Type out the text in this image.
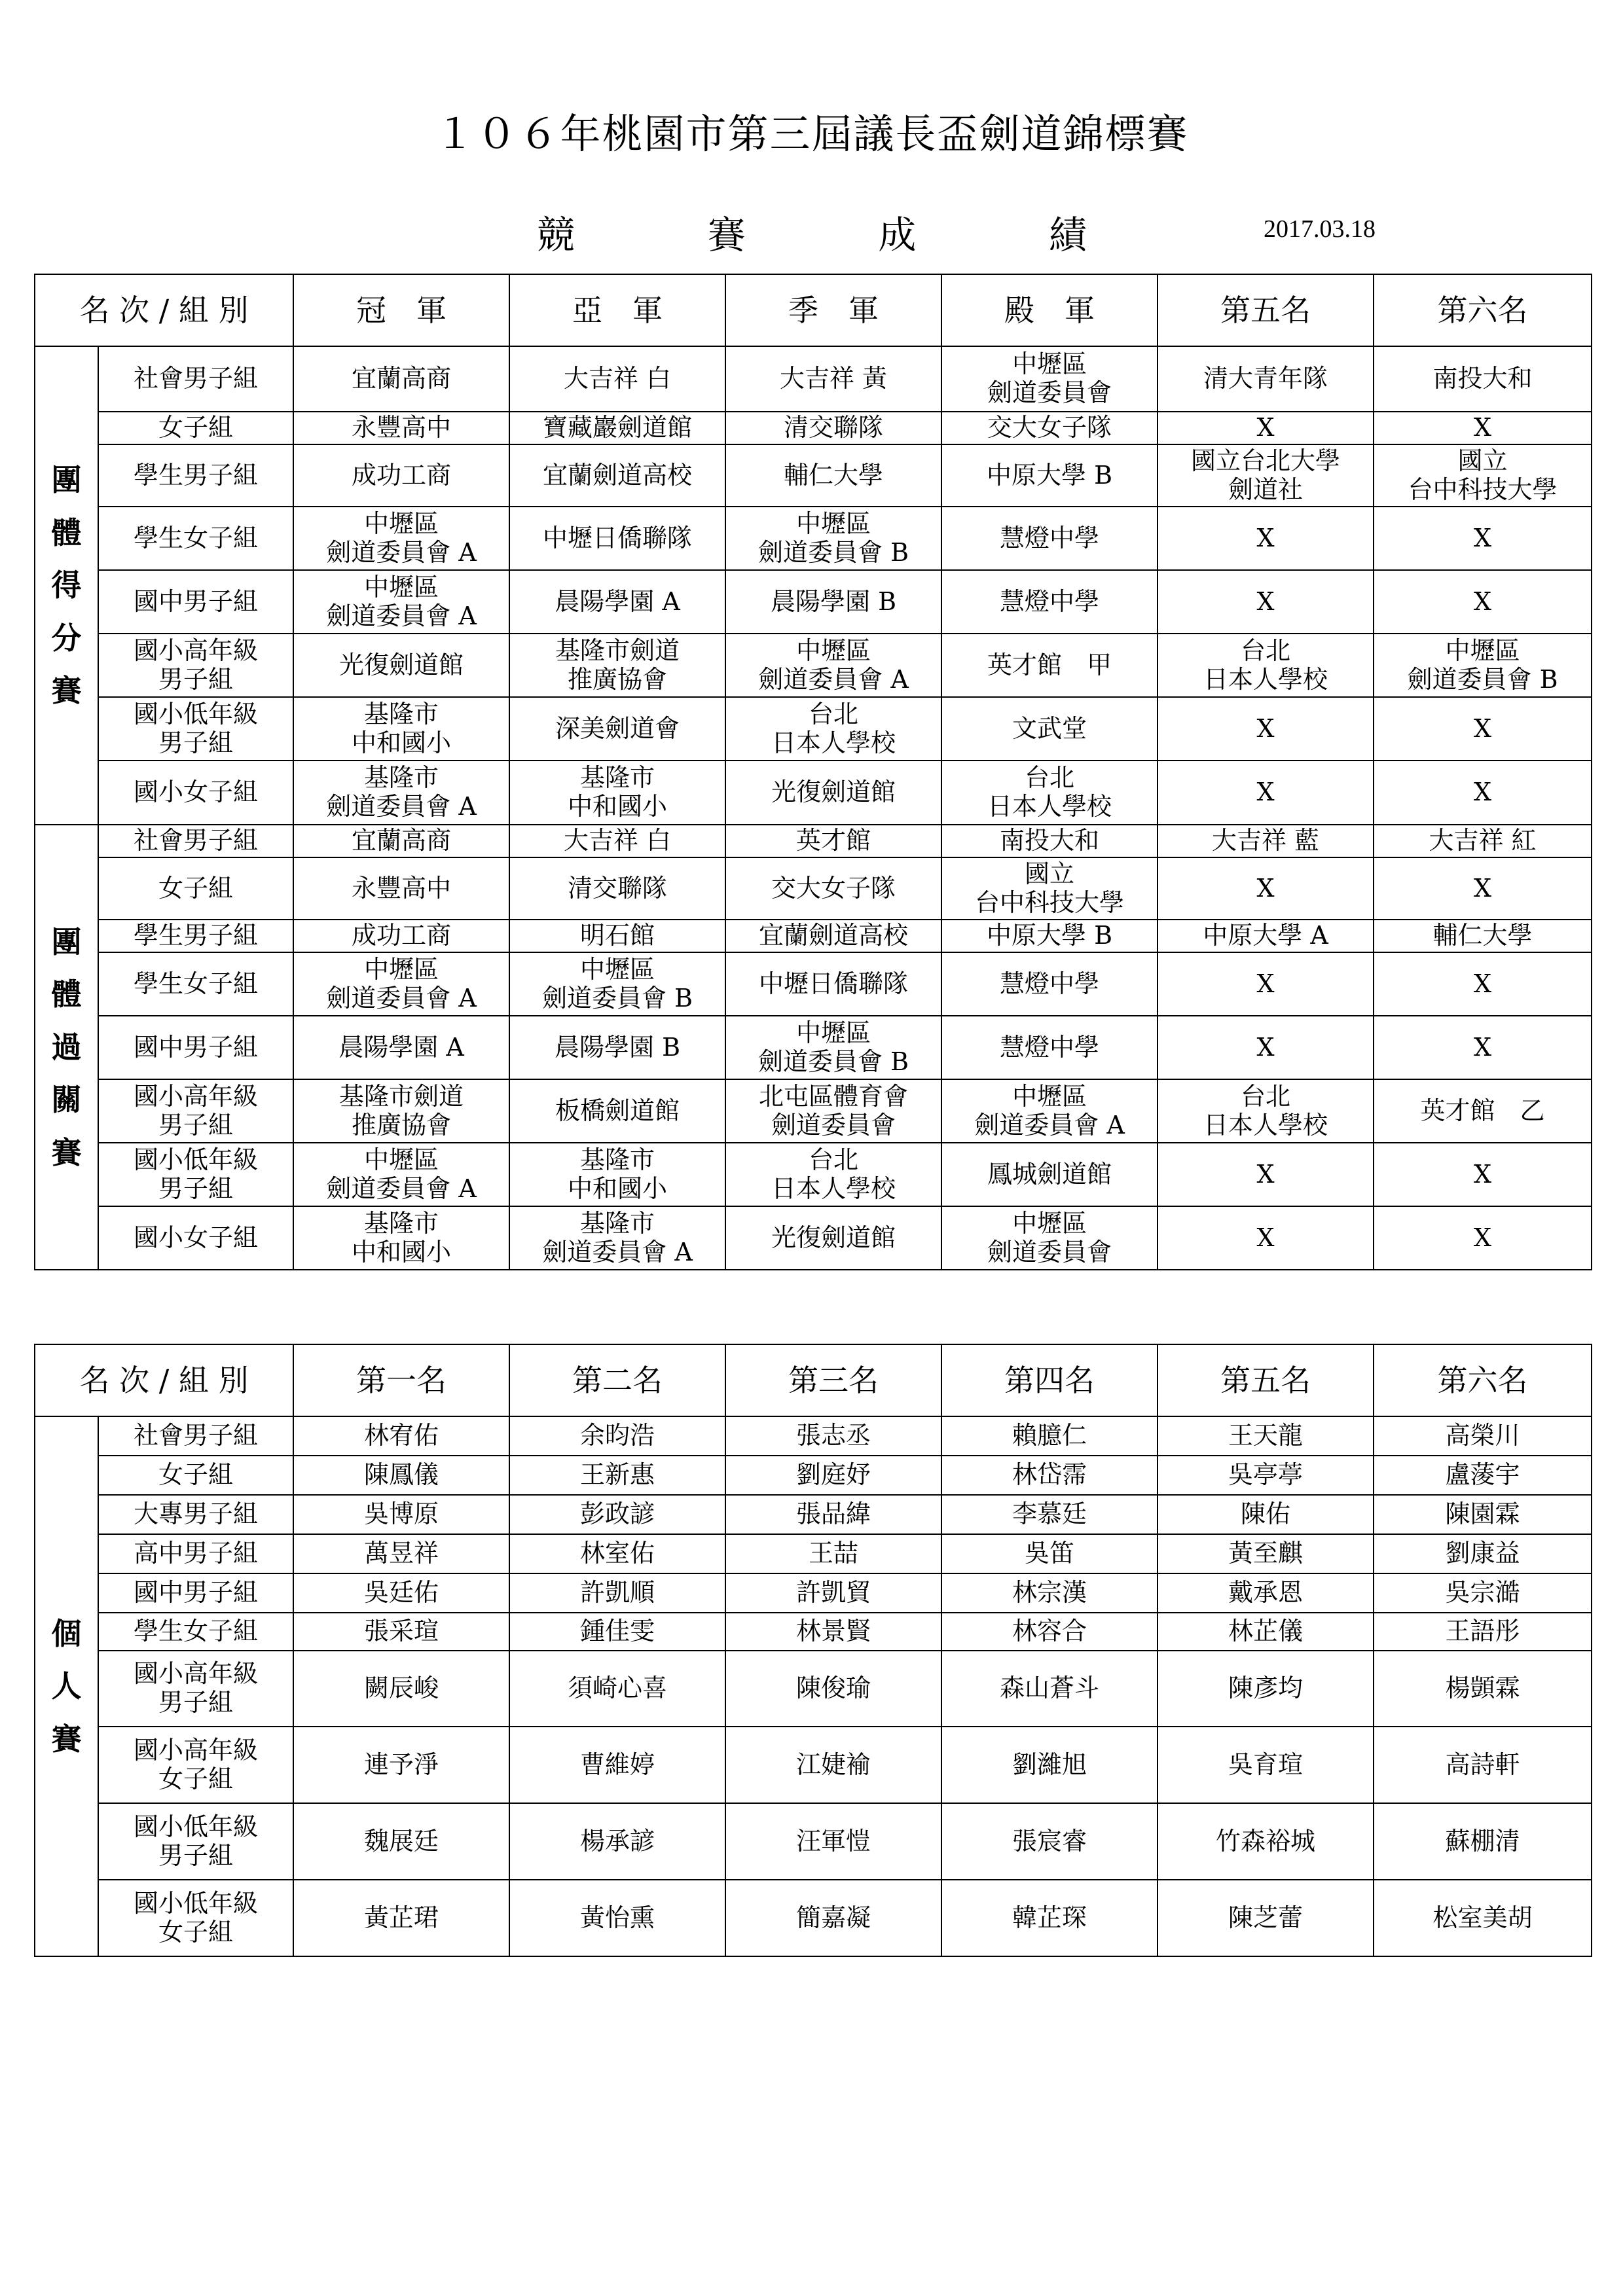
１０６年桃園市第三屆議長盃劍道錦標賽
競	賽	成	績	2017.03.18
名 次 / 組 別		冠　軍	亞　軍	季　軍	殿　軍	第五名	第六名

團
體
得
分
賽	社會男子組	宜蘭高商	大吉祥 白	大吉祥 黃	中壢區
劍道委員會	清大青年隊	南投大和

	女子組	永豐高中	寶藏巖劍道館	清交聯隊	交大女子隊	X	X

	學生男子組	成功工商	宜蘭劍道高校	輔仁大學	中原大學 B	國立台北大學
劍道社	國立
台中科技大學

	學生女子組	中壢區
劍道委員會 A	中壢日僑聯隊	中壢區
劍道委員會 B	慧燈中學	X	X

	國中男子組	中壢區
劍道委員會 A	晨陽學園 A	晨陽學園 B	慧燈中學	X	X

	國小高年級
男子組	光復劍道館	基隆市劍道
推廣協會	中壢區
劍道委員會 A	英才館　甲	台北
日本人學校	中壢區
劍道委員會 B

	國小低年級
男子組	基隆市
中和國小	深美劍道會	台北
日本人學校	文武堂	X	X

	國小女子組	基隆市
劍道委員會 A	基隆市
中和國小	光復劍道館	台北
日本人學校	X	X

團
體
過
關
賽	社會男子組	宜蘭高商	大吉祥 白	英才館	南投大和	大吉祥 藍	大吉祥 紅

	女子組	永豐高中	清交聯隊	交大女子隊	國立
台中科技大學	X	X

	學生男子組	成功工商	明石館	宜蘭劍道高校	中原大學 B	中原大學 A	輔仁大學

	學生女子組	中壢區
劍道委員會 A	中壢區
劍道委員會 B	中壢日僑聯隊	慧燈中學	X	X

	國中男子組	晨陽學園 A	晨陽學園 B	中壢區
劍道委員會 B	慧燈中學	X	X

	國小高年級
男子組	基隆市劍道
推廣協會	板橋劍道館	北屯區體育會
劍道委員會	中壢區
劍道委員會 A	台北
日本人學校	英才館　乙

	國小低年級
男子組	中壢區
劍道委員會 A	基隆市
中和國小	台北
日本人學校	鳳城劍道館	X	X

	國小女子組	基隆市
中和國小	基隆市
劍道委員會 A	光復劍道館	中壢區
劍道委員會	X	X
名 次 / 組 別		第一名	第二名	第三名	第四名	第五名	第六名

個
人
賽	社會男子組	林宥佑	余昀浩	張志丞	賴臆仁	王天龍	高榮川

	女子組	陳鳳儀	王新惠	劉庭妤	林岱霈	吳亭葶	盧蔆宇

	大專男子組	吳博原	彭政諺	張品緯	李慕廷	陳佑	陳園霖

	高中男子組	萬昱祥	林室佑	王喆	吳笛	黃至麒	劉康益

	國中男子組	吳廷佑	許凱順	許凱貿	林宗漢	戴承恩	吳宗澔

	學生女子組	張采瑄	鍾佳雯	林景賢	林容合	林芷儀	王語彤

	國小高年級
男子組	闕辰峻	須崎心喜	陳俊瑜	森山蒼斗	陳彥均	楊顗霖

	國小高年級
女子組	連予淨	曹維婷	江婕褕	劉濰旭	吳育瑄	高詩軒

	國小低年級
男子組	魏展廷	楊承諺	汪軍愷	張宸睿	竹森裕城	蘇棚清

	國小低年級
女子組	黃芷珺	黃怡熏	簡嘉凝	韓芷琛	陳芝蕾	松室美胡
